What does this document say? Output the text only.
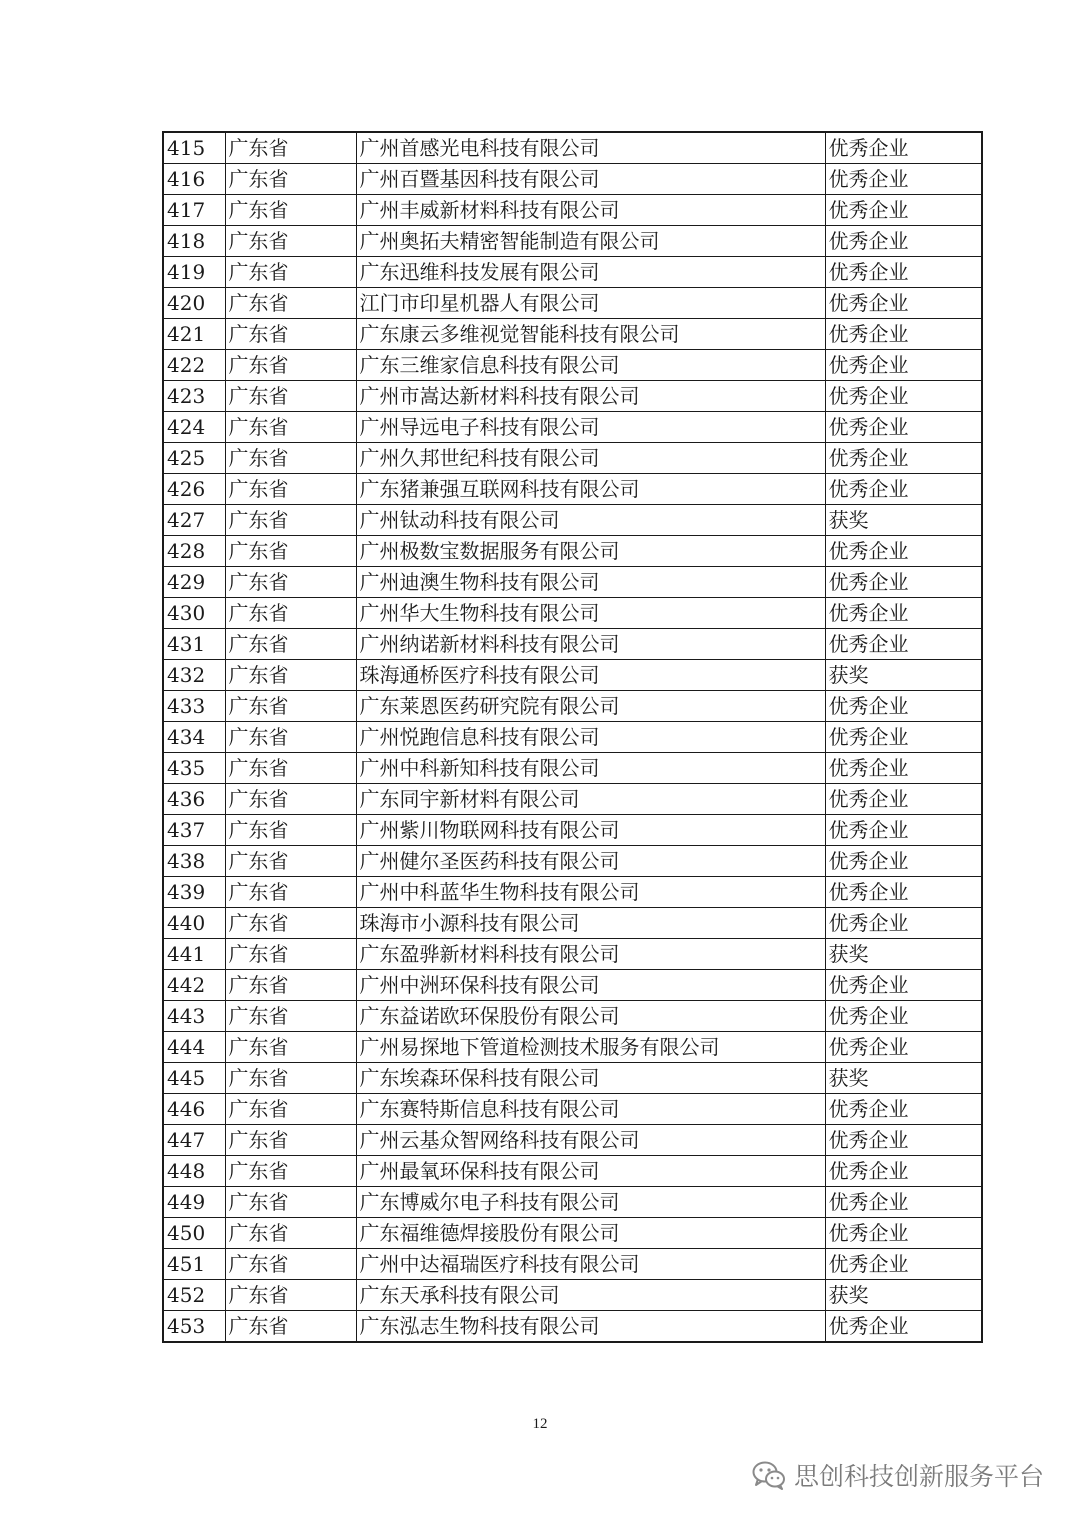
415	广东省	广州首感光电科技有限公司	优秀企业
416	广东省	广州百暨基因科技有限公司	优秀企业
417	广东省	广州丰威新材料科技有限公司	优秀企业
418	广东省	广州奥拓夫精密智能制造有限公司	优秀企业
419	广东省	广东迅维科技发展有限公司	优秀企业
420	广东省	江门市印星机器人有限公司	优秀企业
421	广东省	广东康云多维视觉智能科技有限公司	优秀企业
422	广东省	广东三维家信息科技有限公司	优秀企业
423	广东省	广州市嵩达新材料科技有限公司	优秀企业
424	广东省	广州导远电子科技有限公司	优秀企业
425	广东省	广州久邦世纪科技有限公司	优秀企业
426	广东省	广东猪兼强互联网科技有限公司	优秀企业
427	广东省	广州钛动科技有限公司	获奖
428	广东省	广州极数宝数据服务有限公司	优秀企业
429	广东省	广州迪澳生物科技有限公司	优秀企业
430	广东省	广州华大生物科技有限公司	优秀企业
431	广东省	广州纳诺新材料科技有限公司	优秀企业
432	广东省	珠海通桥医疗科技有限公司	获奖
433	广东省	广东莱恩医药研究院有限公司	优秀企业
434	广东省	广州悦跑信息科技有限公司	优秀企业
435	广东省	广州中科新知科技有限公司	优秀企业
436	广东省	广东同宇新材料有限公司	优秀企业
437	广东省	广州紫川物联网科技有限公司	优秀企业
438	广东省	广州健尔圣医药科技有限公司	优秀企业
439	广东省	广州中科蓝华生物科技有限公司	优秀企业
440	广东省	珠海市小源科技有限公司	优秀企业
441	广东省	广东盈骅新材料科技有限公司	获奖
442	广东省	广州中洲环保科技有限公司	优秀企业
443	广东省	广东益诺欧环保股份有限公司	优秀企业
444	广东省	广州易探地下管道检测技术服务有限公司	优秀企业
445	广东省	广东埃森环保科技有限公司	获奖
446	广东省	广东赛特斯信息科技有限公司	优秀企业
447	广东省	广州云基众智网络科技有限公司	优秀企业
448	广东省	广州最氧环保科技有限公司	优秀企业
449	广东省	广东博威尔电子科技有限公司	优秀企业
450	广东省	广东福维德焊接股份有限公司	优秀企业
451	广东省	广州中达福瑞医疗科技有限公司	优秀企业
452	广东省	广东天承科技有限公司	获奖
453	广东省	广东泓志生物科技有限公司	优秀企业
12
思创科技创新服务平台
